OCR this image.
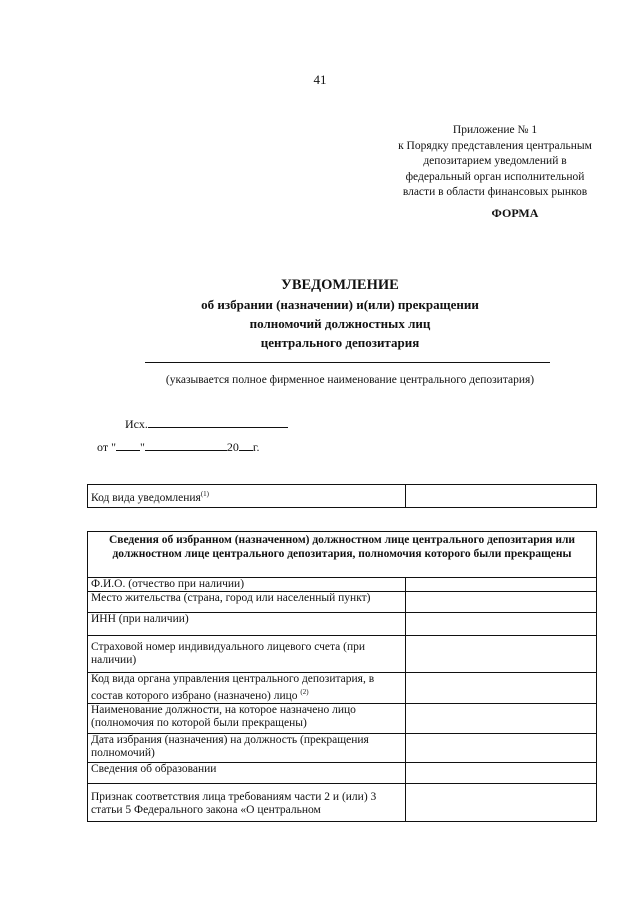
41
Приложение № 1
к Порядку представления центральным
депозитарием уведомлений в
федеральный орган исполнительной
власти в области финансовых рынков
ФОРМА
УВЕДОМЛЕНИЕ
об избрании (назначении) и(или) прекращении
полномочий должностных лиц
центрального депозитария
(указывается полное фирменное наименование центрального депозитария)
Исх.
от " "	20 г.
Код вида уведомления$^{(1)}$	
Сведения об избранном (назначенном) должностном лице центрального депозитария или должностном лице центрального депозитария, полномочия которого были прекращены	
Ф.И.О. (отчество при наличии)	
Место жительства (страна, город или населенный пункт)	
ИНН (при наличии)	
Страховой номер индивидуального лицевого счета (при наличии)	
Код вида органа управления центрального депозитария, в состав которого избрано (назначено) лицо $^{(2)}$	
Наименование должности, на которое назначено лицо (полномочия по которой были прекращены)	
Дата избрания (назначения) на должность (прекращения полномочий)	
Сведения об образовании	
Признак соответствия лица требованиям части 2 и (или) 3 статьи 5 Федерального закона «О центральном	
